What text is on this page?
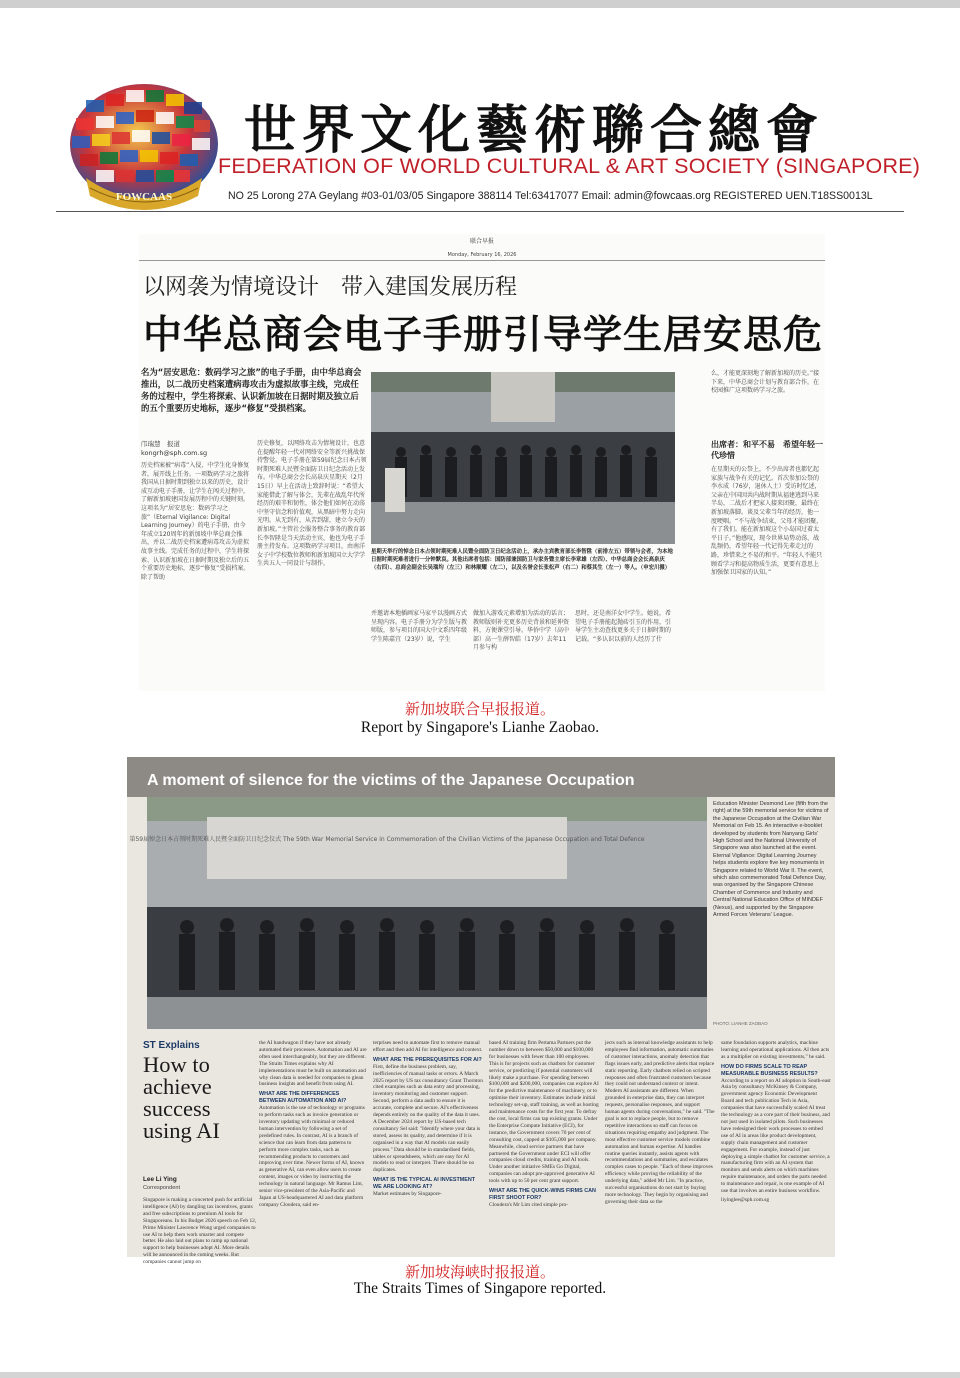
FOWCAAS
世界文化藝術聯合總會
FEDERATION OF WORLD CULTURAL & ART SOCIETY (SINGAPORE)
NO 25 Lorong 27A Geylang #03-01/03/05 Singapore 388114 Tel:63417077 Email: admin@fowcaas.org REGISTERED UEN.T18SS0013L
联合早报
Monday, February 16, 2026
以网袭为情境设计　带入建国发展历程
中华总商会电子手册引导学生居安思危
名为“居安思危：数码学习之旅”的电子手册，由中华总商会推出，以二战历史档案遭病毒攻击为虚拟故事主线，完成任务的过程中，学生将探索、认识新加坡在日据时期及独立后的五个重要历史地标，逐步“修复”受损档案。
邝瑞慧　报道
kongrh@sph.com.sg
历史档案被“病毒”入侵，中学生化身修复者，展开线上任务。一项数码学习之旅将我国从日据时期到独立以来的历史，设计成互动电子手册，让学生在闯关过程中，了解新加坡建国发展历程中的关键时刻。这项名为“居安思危：数码学习之旅”（Eternal Vigilance: Digital Learning Journey）的电子手册，由今年成立120周年的新加坡中华总商会推出，并以二战历史档案遭病毒攻击为虚拟故事主线。完成任务的过程中，学生将探索、认识新加坡在日据时期及独立后的五个重要历史地标，逐步“修复”受损档案。除了帮助
历史修复，以网络攻击为情境设计，也意在提醒年轻一代对网络安全等新兴挑战保持警觉。电子手册在第59届纪念日本占领时期死难人民暨全面防卫日纪念活动上发布。中华总商会会长高泉庆星期天（2月15日）早上在活动上致辞时说：“希望大家能借此了解与体会，先辈在战乱年代所经历的艰辛和韧性，体会他们如何在动荡中坚守信念和价值观，从黑暗中努力走向光明。从无到有，从苦到甜，建立今天的新加坡。”主管社会服务整合事务的教育部长李智陞是当天活动主宾，他也为电子手册主持发布。这项数码学习项目，由南洋女子中学校数位教师和新加坡国立大学学生共五人一同设计与制作，
星期天举行的悼念日本占领时期死难人民暨全面防卫日纪念活动上，承办主宾教育部长李智陞（前排左五）带领与会者，为本地日据时期死难者进行一分钟默哀。其他出席者包括：国防部兼国防卫与家务暨主席长李章雄（左四）、中华总商会会长高泉庆（右四）、总商会副会长吴瑞均（左三）和林顺耀（左二），以及名誉会长张松声（右二）和蔡其生（左一）等人。（申宏川摄）
并邀请本地插画家马家平以漫画方式呈现内容。电子手册分为学生版与教师版，参与项目的国大中文系四年级学生陈嘉宜（23岁）说，学生
做加入游戏元素增加为活动的话言；教师版则补充更多历史背景和延伸资料，方便课堂引导。华侨中学（高中部）高一生薛智皓（17岁）去年11月参与构
思时，还是南洋女中学生。她说，希望电子手册能起抛砖引玉的作用，引导学生主动查找更多关于日据时期的记载。“多认识以前的人经历了什
么，才能更深刻地了解新加坡的历史。”接下来，中华总商会计划与教育部合作，在校园推广这项数码学习之旅。
出席者：和平不易　希望年轻一代珍惜
在星期天的公祭上，不少出席者也都忆起家族与战争有关的记忆。首次参加公祭的李水成（76岁，退休人士）受访时忆述，父亲在中国因共内战时期从福建逃到马来半岛，二战后才把家人接来团聚，最终在新加坡落脚。谈及父辈当年的经历，他一度哽咽。“不与战争结束，父母才能团聚，有了我们。能在新加坡这个小岛国过着太平日子。”他感叹，现今世界局势动荡，战乱频仍，希望年轻一代记得先辈走过的路，珍惜来之不易的和平。“年轻人不能只顾看学习和提高物质生活，更要有意思上加强保卫国家的认知。”
新加坡联合早报报道。
Report by Singapore's Lianhe Zaobao.
A moment of silence for the victims of the Japanese Occupation
第59届悼念日本占领时期死难人民暨全面防卫日纪念仪式 The 59th War Memorial Service in Commemoration of the Civilian Victims of the Japanese Occupation and Total Defence
Education Minister Desmond Lee (fifth from the right) at the 59th memorial service for victims of the Japanese Occupation at the Civilian War Memorial on Feb 15. An interactive e-booklet developed by students from Nanyang Girls' High School and the National University of Singapore was also launched at the event. Eternal Vigilance: Digital Learning Journey helps students explore five key monuments in Singapore related to World War II. The event, which also commemorated Total Defence Day, was organised by the Singapore Chinese Chamber of Commerce and Industry and Central National Education Office of MINDEF (Nexus), and supported by the Singapore Armed Forces Veterans' League.
PHOTO: LIANHE ZAOBAO
ST Explains
How to achieve success using AI
Lee Li Ying
Correspondent
Singapore is making a concerted push for artificial intelligence (AI) by dangling tax incentives, grants and free subscriptions to premium AI tools for Singaporeans. In his Budget 2026 speech on Feb 12, Prime Minister Lawrence Wong urged companies to use AI to help them work smarter and compete better. He also laid out plans to ramp up national support to help businesses adopt AI. More details will be announced in the coming weeks. But companies cannot jump on
the AI bandwagon if they have not already automated their processes. Automation and AI are often used interchangeably, but they are different. The Straits Times explains why AI implementations must be built on automation and why clean data is needed for companies to glean business insights and benefit from using AI.
WHAT ARE THE DIFFERENCES BETWEEN AUTOMATION AND AI?
Automation is the use of technology or programs to perform tasks such as invoice generation or inventory updating with minimal or reduced human intervention by following a set of predefined rules. In contrast, AI is a branch of science that can learn from data patterns to perform more complex tasks, such as recommending products to customers and improving over time. Newer forms of AI, known as generative AI, can even allow users to create content, images or video by instructing the technology in natural language. Mr Ramus Lim, senior vice-president of the Asia-Pacific and Japan at US-headquartered AI and data platform company Cloudera, said en-
terprises need to automate first to remove manual effort and then add AI for intelligence and context.
WHAT ARE THE PREREQUISITES FOR AI?
First, define the business problem, say, inefficiencies of manual tasks or errors. A March 2025 report by US tax consultancy Grant Thornton cited examples such as data entry and processing, inventory monitoring and customer support. Second, perform a data audit to ensure it is accurate, complete and secure. AI's effectiveness depends entirely on the quality of the data it uses. A December 2024 report by US-based tech consultancy Sel said: "Identify where your data is stored, assess its quality, and determine if it is organised in a way that AI models can easily process." Data should be in standardised fields, tables or spreadsheets, which are easy for AI models to read or interpret. There should be no duplicates.
WHAT IS THE TYPICAL AI INVESTMENT WE ARE LOOKING AT?
Market estimates by Singapore-
based AI training firm Pertama Partners put the number down to between $50,000 and $100,000 for businesses with fewer than 100 employees. This is for projects such as chatbots for customer service, or predicting if potential customers will likely make a purchase. For spending between $100,000 and $200,000, companies can explore AI for the predictive maintenance of machinery, or to optimise their inventory. Estimates include initial technology set-up, staff training, as well as hosting and maintenance costs for the first year. To defray the cost, local firms can tap existing grants. Under the Enterprise Compute Initiative (ECI), for instance, the Government covers 70 per cent of consulting cost, capped at $105,000 per company. Meanwhile, cloud service partners that have partnered the Government under ECI will offer companies cloud credits, training and AI tools. Under another initiative SMEs Go Digital, companies can adopt pre-approved generative AI tools with up to 50 per cent grant support.
WHAT ARE THE QUICK-WINS FIRMS CAN FIRST SHOOT FOR?
Cloudera's Mr Lim cited simple pro-
jects such as internal knowledge assistants to help employees find information, automatic summaries of customer interactions, anomaly detection that flags issues early, and predictive alerts that replace static reporting. Early chatbots relied on scripted responses and often frustrated customers because they could not understand context or intent. Modern AI assistants are different. When grounded in enterprise data, they can interpret requests, personalise responses, and support human agents during conversations," he said. "The goal is not to replace people, but to remove repetitive interactions so staff can focus on situations requiring empathy and judgment. The most effective customer service models combine automation and human expertise. AI handles routine queries instantly, assists agents with recommendations and summaries, and escalates complex cases to people. "Each of these improves efficiency while proving the reliability of the underlying data," added Mr Lim. "In practice, successful organisations do not start by buying more technology. They begin by organising and governing their data so the
same foundation supports analytics, machine learning and operational applications. AI then acts as a multiplier on existing investments," he said.
HOW DO FIRMS SCALE TO REAP MEASURABLE BUSINESS RESULTS?
According to a report on AI adoption in South-east Asia by consultancy McKinsey & Company, government agency Economic Development Board and tech publication Tech in Asia, companies that have successfully scaled AI treat the technology as a core part of their business, and not just used in isolated pilots. Such businesses have redesigned their work processes to embed use of AI in areas like product development, supply chain management and customer engagement. For example, instead of just deploying a simple chatbot for customer service, a manufacturing firm with an AI system that monitors and sends alerts on which machines require maintenance, and orders the parts needed to maintenance and repair, is one example of AI use that involves an entire business workflow.
liyinglee@sph.com.sg
新加坡海峡时报报道。
The Straits Times of Singapore reported.
